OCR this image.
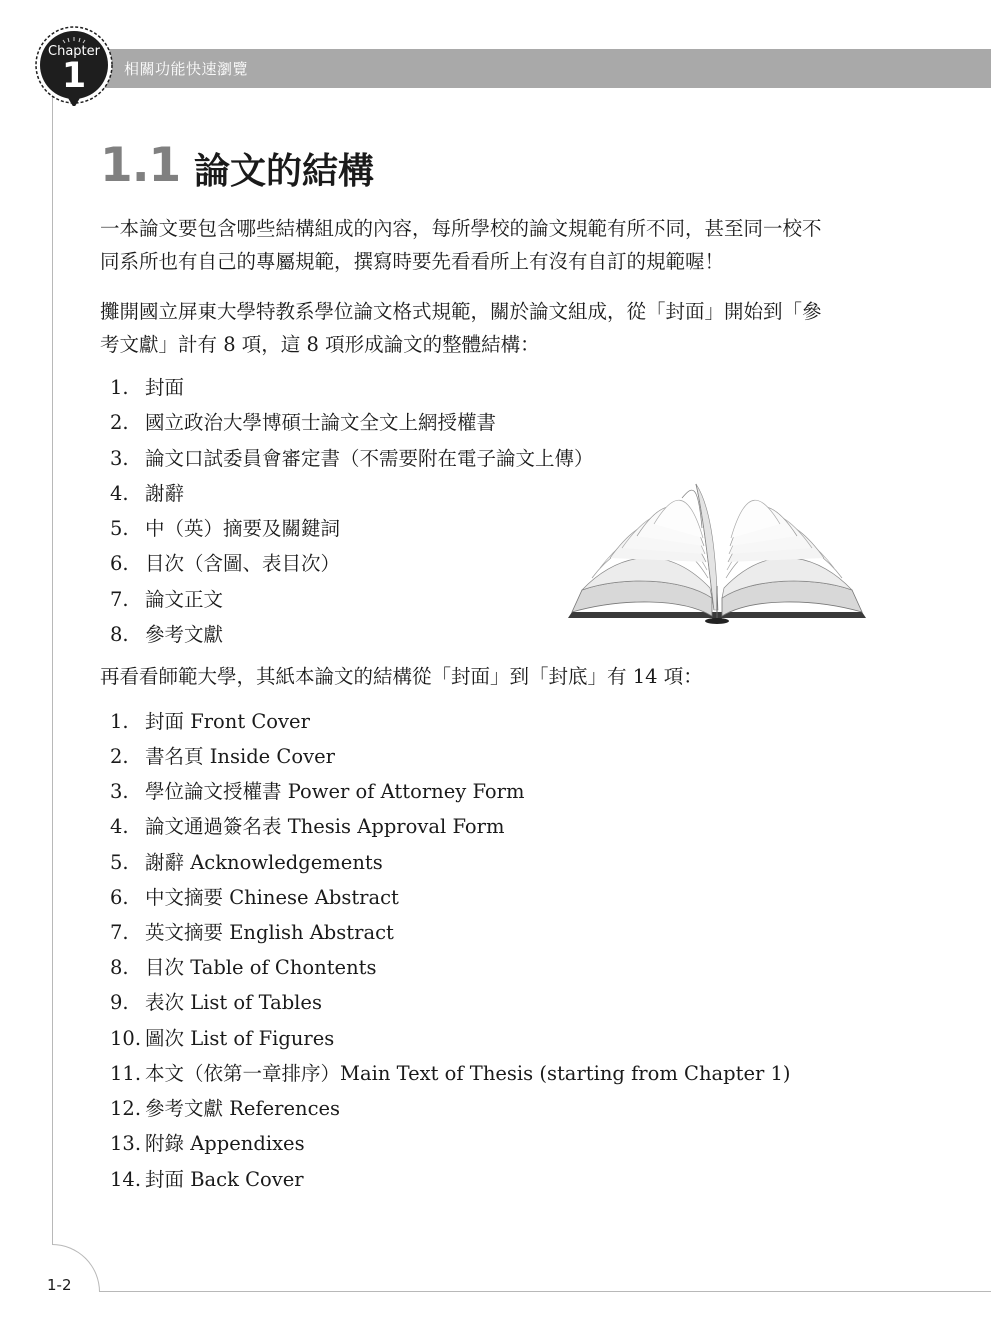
相關功能快速瀏覽
Chapter
1
1.1 論文的結構
一本論文要包含哪些結構組成的內容，每所學校的論文規範有所不同，甚至同一校不
同系所也有自己的專屬規範，撰寫時要先看看所上有沒有自訂的規範喔！
攤開國立屏東大學特教系學位論文格式規範，關於論文組成，從「封面」開始到「參
考文獻」計有 8 項，這 8 項形成論文的整體結構：
1. 封面
2. 國立政治大學博碩士論文全文上網授權書
3. 論文口試委員會審定書（不需要附在電子論文上傳）
4. 謝辭
5. 中（英）摘要及關鍵詞
6. 目次（含圖、表目次）
7. 論文正文
8. 參考文獻
再看看師範大學，其紙本論文的結構從「封面」到「封底」有 14 項：
1. 封面 Front Cover
2. 書名頁 Inside Cover
3. 學位論文授權書 Power of Attorney Form
4. 論文通過簽名表 Thesis Approval Form
5. 謝辭 Acknowledgements
6. 中文摘要 Chinese Abstract
7. 英文摘要 English Abstract
8. 目次 Table of Chontents
9. 表次 List of Tables
10. 圖次 List of Figures
11. 本文（依第一章排序）Main Text of Thesis (starting from Chapter 1)
12. 參考文獻 References
13. 附錄 Appendixes
14. 封面 Back Cover
1-2
